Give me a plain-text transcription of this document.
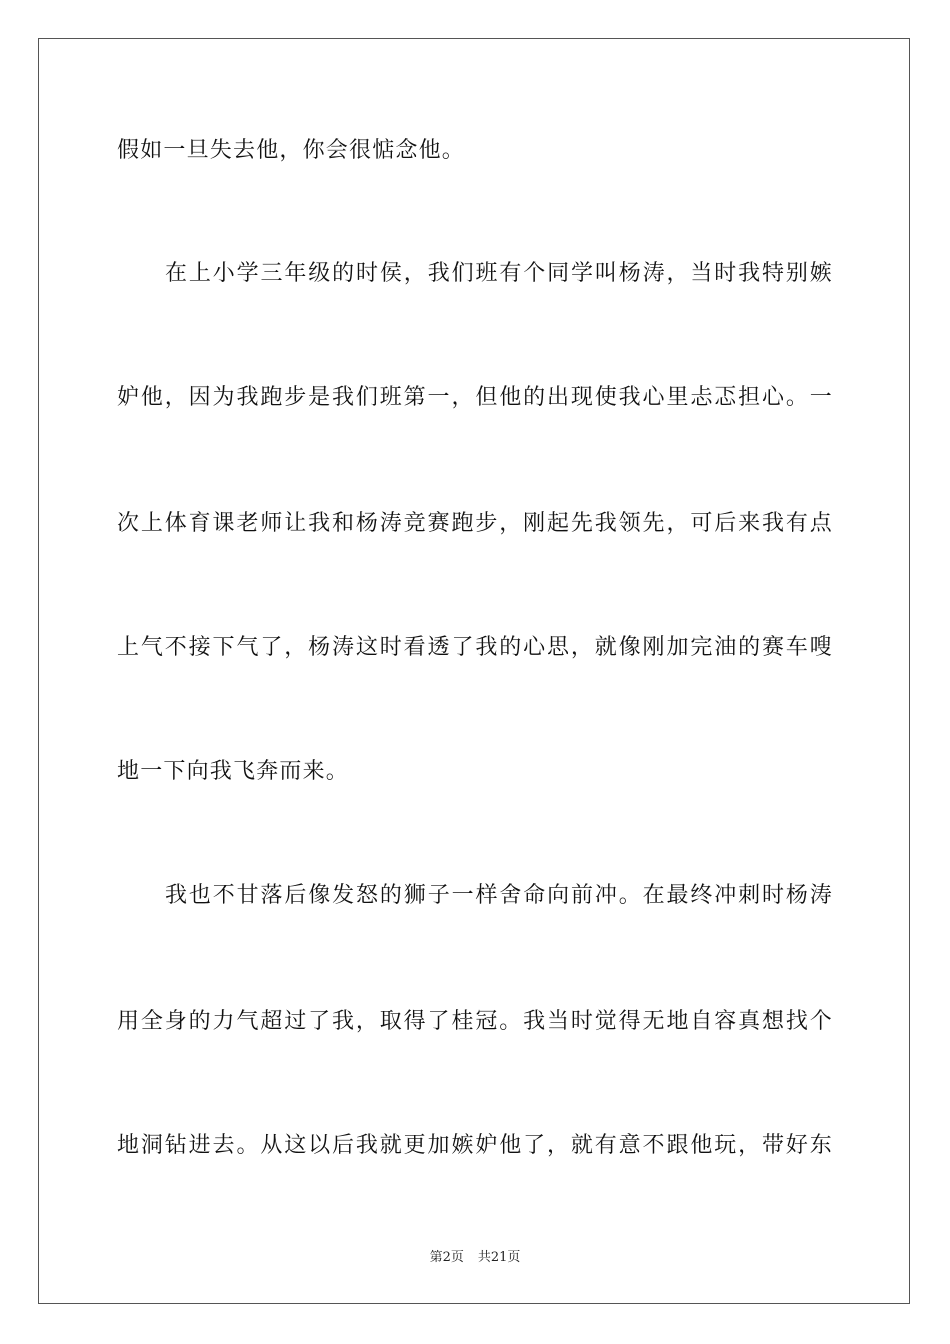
假如一旦失去他，你会很惦念他。
在上小学三年级的时侯，我们班有个同学叫杨涛，当时我特别嫉
妒他，因为我跑步是我们班第一，但他的出现使我心里忐忑担心。一
次上体育课老师让我和杨涛竞赛跑步，刚起先我领先，可后来我有点
上气不接下气了，杨涛这时看透了我的心思，就像刚加完油的赛车嗖
地一下向我飞奔而来。
我也不甘落后像发怒的狮子一样舍命向前冲。在最终冲刺时杨涛
用全身的力气超过了我，取得了桂冠。我当时觉得无地自容真想找个
地洞钻进去。从这以后我就更加嫉妒他了，就有意不跟他玩，带好东
第2页 共21页
